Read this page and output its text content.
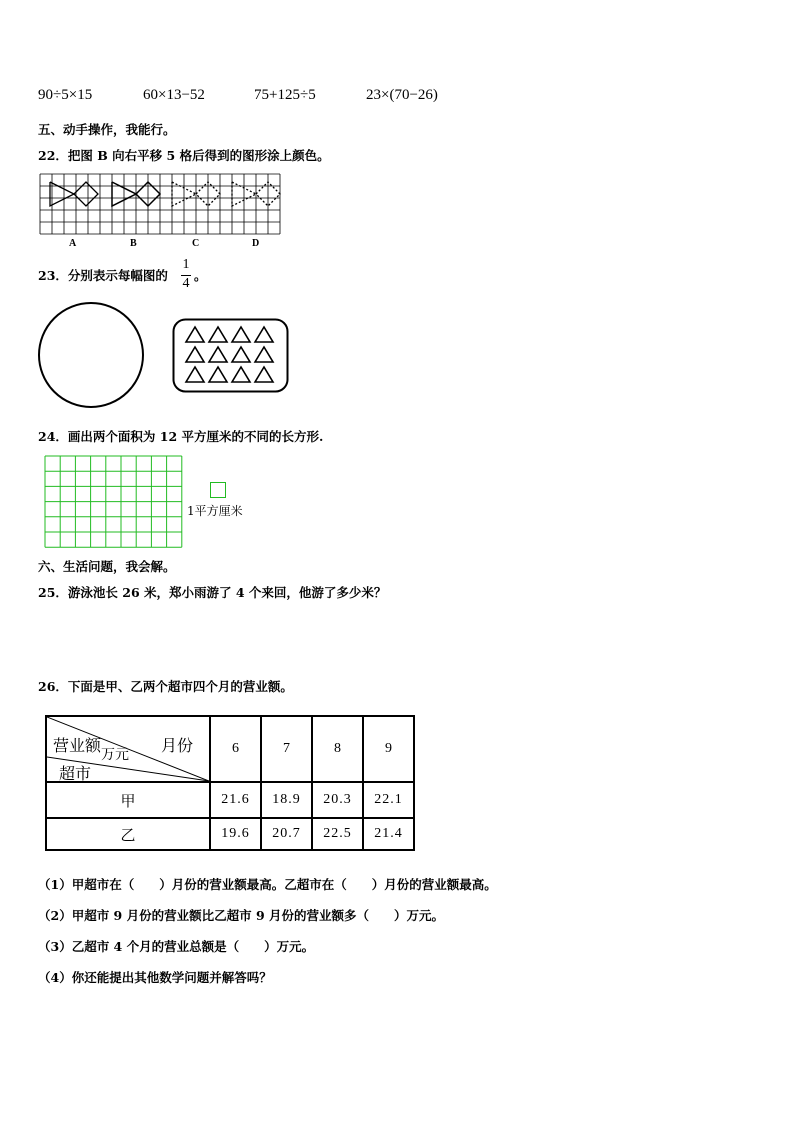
90÷5×15	60×13−52	75+125÷5	23×(70−26)
五、动手操作，我能行。
22．把图 B 向右平移 5 格后得到的图形涂上颜色。
A	B	C	D
23．分别表示每幅图的
1
4
。
24．画出两个面积为 12 平方厘米的不同的长方形.
1平方厘米
六、生活问题，我会解。
25．游泳池长 26 米，郑小雨游了 4 个来回，他游了多少米？
26．下面是甲、乙两个超市四个月的营业额。
营业额 万元 月份
超市	6	7	8	9
甲	21.6	18.9	20.3	22.1
乙	19.6	20.7	22.5	21.4
（1）甲超市在（　　）月份的营业额最高。乙超市在（　　）月份的营业额最高。
（2）甲超市 9 月份的营业额比乙超市 9 月份的营业额多（　　）万元。
（3）乙超市 4 个月的营业总额是（　　）万元。
（4）你还能提出其他数学问题并解答吗？
